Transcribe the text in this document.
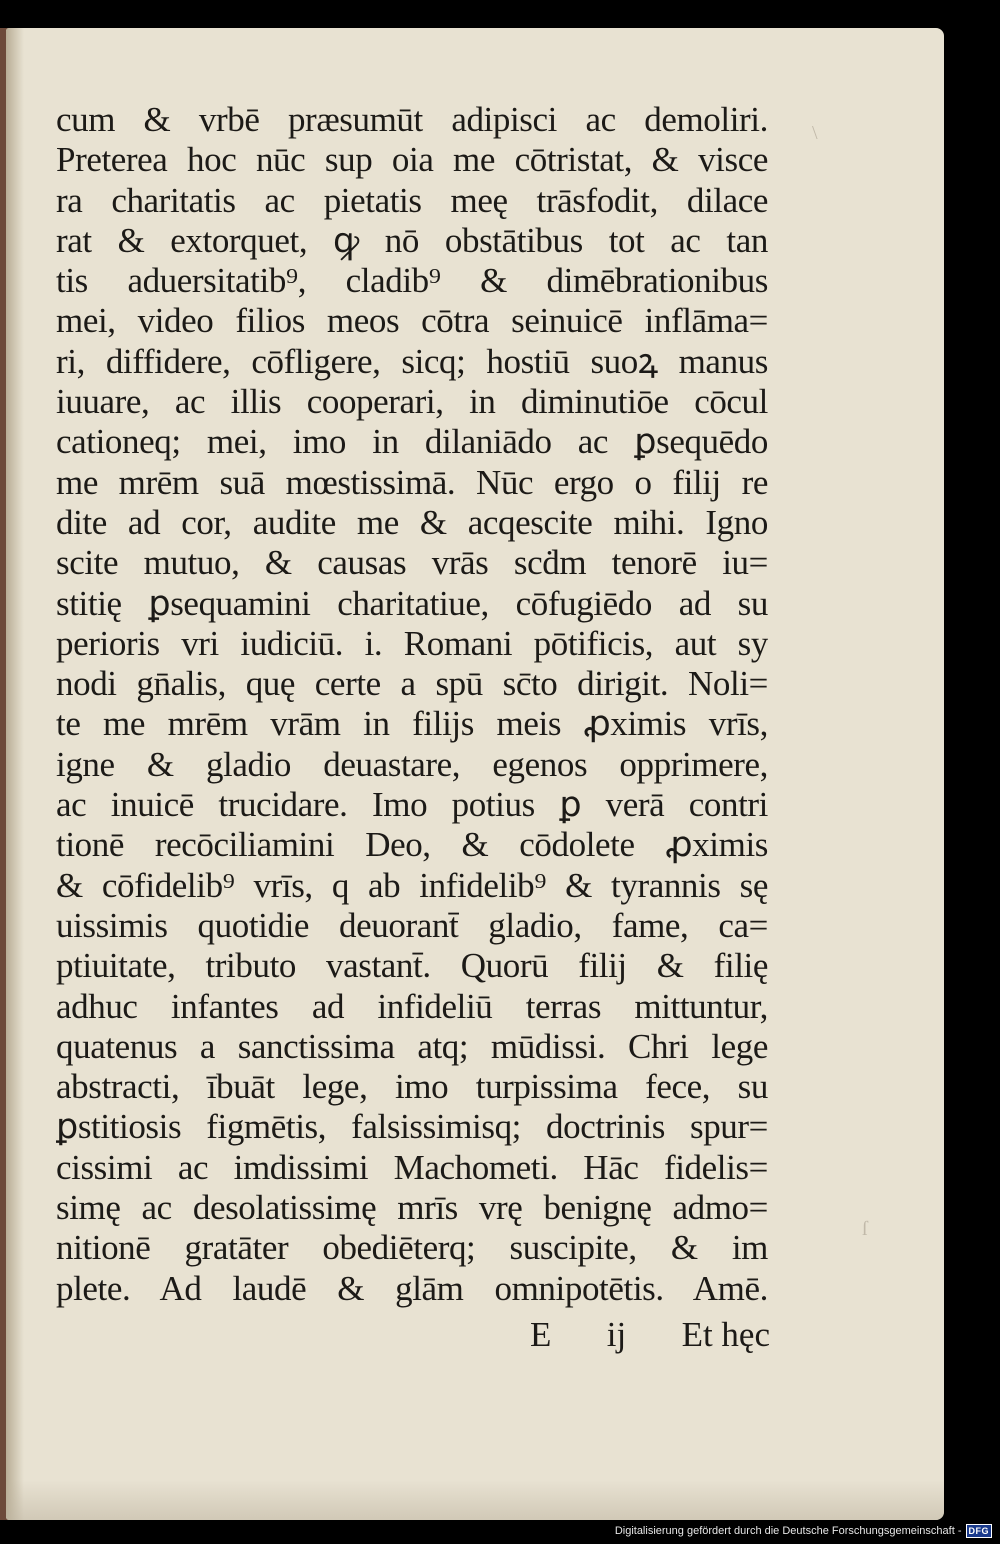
\
ſ
cum & vrbē præsumūt adipisci ac demoliri.
Preterea hoc nūc sup oia me cōtristat, & visce
ra charitatis ac pietatis meę trāsfodit, dilace
rat & extorquet, ꝙ nō obstātibus tot ac tan
tis aduersitatib⁹, cladib⁹ & dimēbrationibus
mei, video filios meos cōtra seinuicē inflāma=
ri, diffidere, cōfligere, sicq; hostiū suoꝝ manus
iuuare, ac illis cooperari, in diminutiōe cōcul
cationeq; mei, imo in dilaniādo ac ꝑsequēdo
me mrēm suā mœstissimā. Nūc ergo o filij re
dite ad cor, audite me & acqescite mihi. Igno
scite mutuo, & causas vrās scḋm tenorē iu=
stitię ꝑsequamini charitatiue, cōfugiēdo ad su
perioris vri iudiciū. i. Romani pōtificis, aut sy
nodi gn̄alis, quę certe a spū sc̄to dirigit. Noli=
te me mrēm vrām in filijs meis ꝓximis vrīs,
igne & gladio deuastare, egenos opprimere,
ac inuicē trucidare. Imo potius ꝑ verā contri
tionē recōciliamini Deo, & cōdolete ꝓximis
& cōfidelib⁹ vrīs, q ab infidelib⁹ & tyrannis sę
uissimis quotidie deuorant̄ gladio, fame, ca=
ptiuitate, tributo vastant̄. Quorū filij & filię
adhuc infantes ad infideliū terras mittuntur,
quatenus a sanctissima atq; mūdissi. Chri lege
abstracti, ībuāt lege, imo turpissima fece, su
ꝑstitiosis figmētis, falsissimisq; doctrinis spur=
cissimi ac imdissimi Machometi. Hāc fidelis=
simę ac desolatissimę mrīs vrę benignę admo=
nitionē gratāter obediēterq; suscipite, & im
plete. Ad laudē & glām omnipotētis. Amē.
E ij Et hęc
Digitalisierung gefördert durch die Deutsche Forschungsgemeinschaft - DFG
